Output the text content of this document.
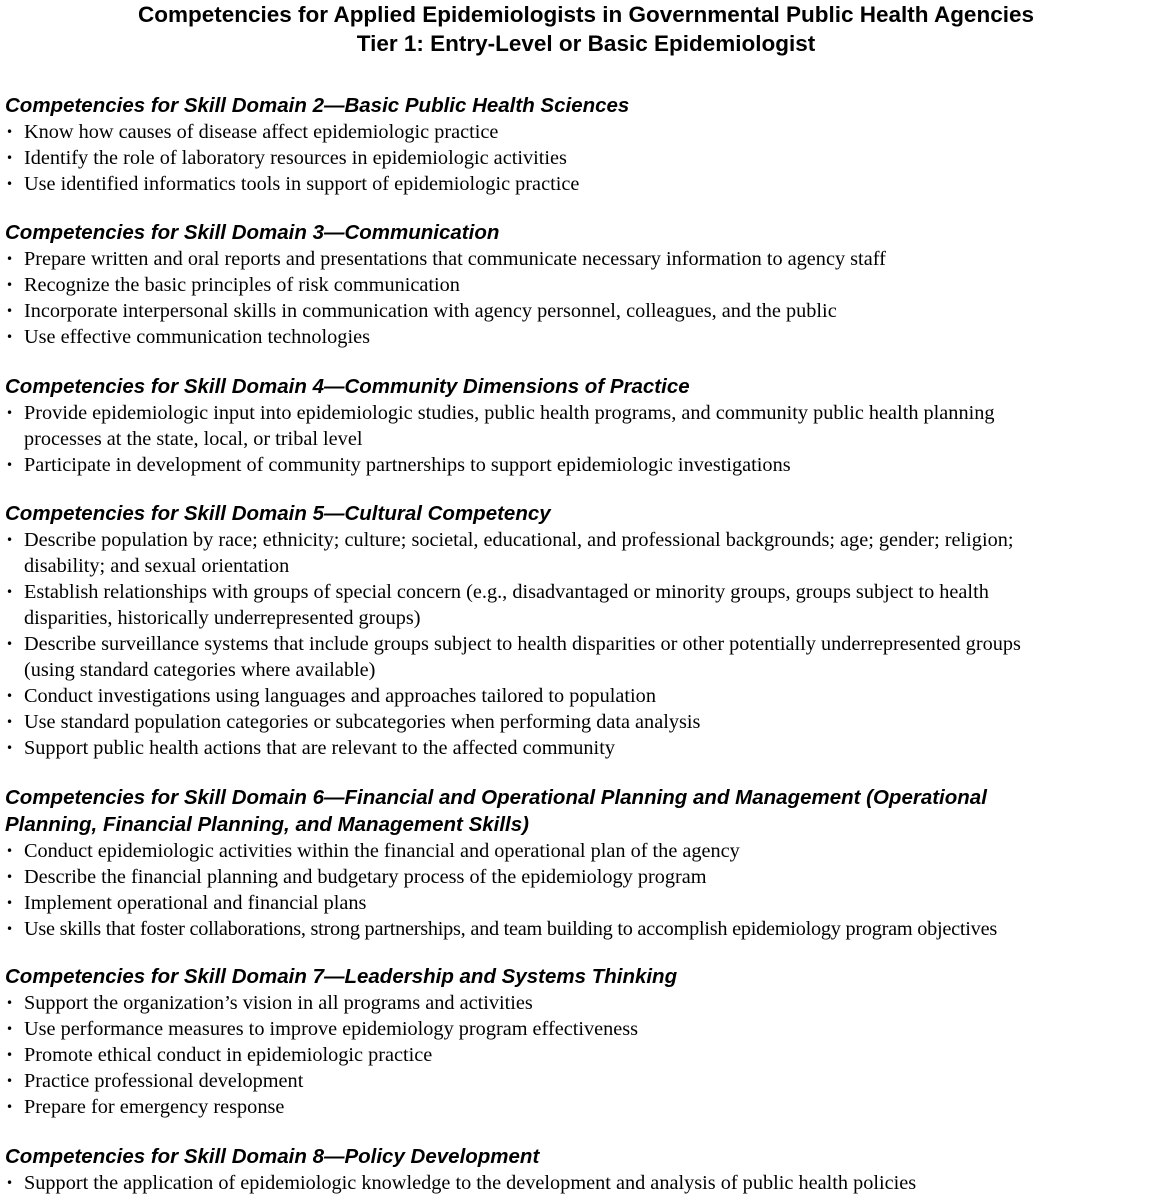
Competencies for Applied Epidemiologists in Governmental Public Health Agencies
Tier 1: Entry-Level or Basic Epidemiologist
Competencies for Skill Domain 2—Basic Public Health Sciences
• Know how causes of disease affect epidemiologic practice
• Identify the role of laboratory resources in epidemiologic activities
• Use identified informatics tools in support of epidemiologic practice
Competencies for Skill Domain 3—Communication
• Prepare written and oral reports and presentations that communicate necessary information to agency staff
• Recognize the basic principles of risk communication
• Incorporate interpersonal skills in communication with agency personnel, colleagues, and the public
• Use effective communication technologies
Competencies for Skill Domain 4—Community Dimensions of Practice
• Provide epidemiologic input into epidemiologic studies, public health programs, and community public health planning
processes at the state, local, or tribal level
• Participate in development of community partnerships to support epidemiologic investigations
Competencies for Skill Domain 5—Cultural Competency
• Describe population by race; ethnicity; culture; societal, educational, and professional backgrounds; age; gender; religion;
disability; and sexual orientation
• Establish relationships with groups of special concern (e.g., disadvantaged or minority groups, groups subject to health
disparities, historically underrepresented groups)
• Describe surveillance systems that include groups subject to health disparities or other potentially underrepresented groups
(using standard categories where available)
• Conduct investigations using languages and approaches tailored to population
• Use standard population categories or subcategories when performing data analysis
• Support public health actions that are relevant to the affected community
Competencies for Skill Domain 6—Financial and Operational Planning and Management (Operational
Planning, Financial Planning, and Management Skills)
• Conduct epidemiologic activities within the financial and operational plan of the agency
• Describe the financial planning and budgetary process of the epidemiology program
• Implement operational and financial plans
• Use skills that foster collaborations, strong partnerships, and team building to accomplish epidemiology program objectives
Competencies for Skill Domain 7—Leadership and Systems Thinking
• Support the organization’s vision in all programs and activities
• Use performance measures to improve epidemiology program effectiveness
• Promote ethical conduct in epidemiologic practice
• Practice professional development
• Prepare for emergency response
Competencies for Skill Domain 8—Policy Development
• Support the application of epidemiologic knowledge to the development and analysis of public health policies
